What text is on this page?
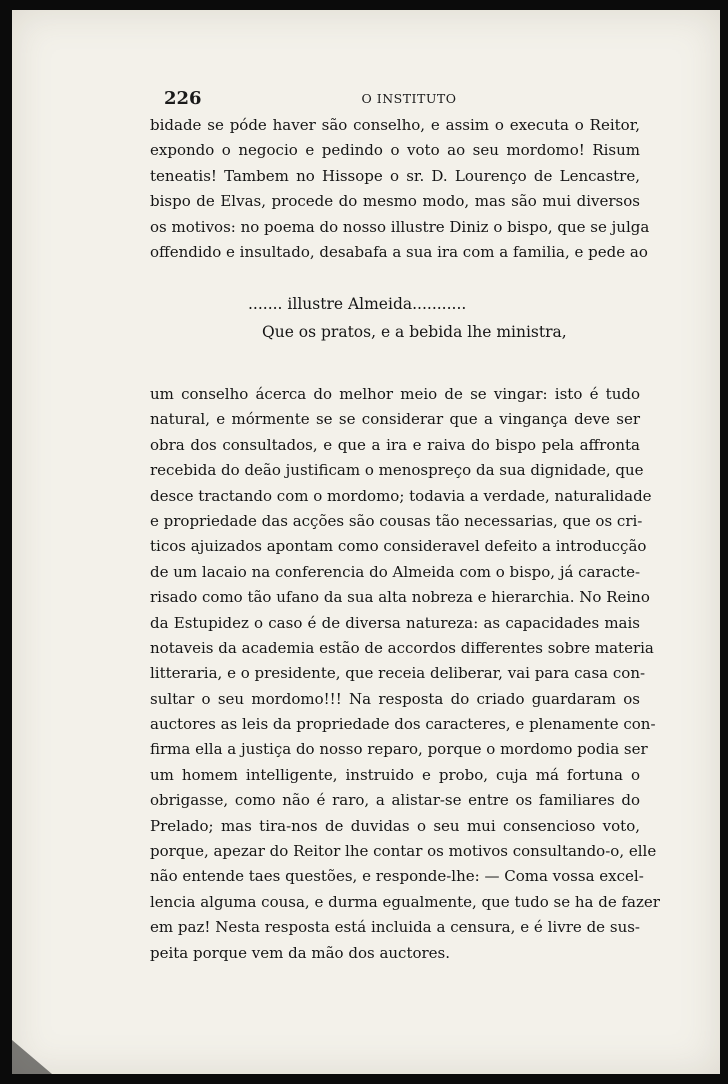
226	O INSTITUTO
bidade se póde haver são conselho, e assim o executa o Reitor,
expondo o negocio e pedindo o voto ao seu mordomo! Risum
teneatis! Tambem no Hissope o sr. D. Lourenço de Lencastre,
bispo de Elvas, procede do mesmo modo, mas são mui diversos
os motivos: no poema do nosso illustre Diniz o bispo, que se julga
offendido e insultado, desabafa a sua ira com a familia, e pede ao
....... illustre Almeida...........
Que os pratos, e a bebida lhe ministra,
um conselho ácerca do melhor meio de se vingar: isto é tudo
natural, e mórmente se se considerar que a vingança deve ser
obra dos consultados, e que a ira e raiva do bispo pela affronta
recebida do deão justificam o menospreço da sua dignidade, que
desce tractando com o mordomo; todavia a verdade, naturalidade
e propriedade das acções são cousas tão necessarias, que os cri-
ticos ajuizados apontam como consideravel defeito a introducção
de um lacaio na conferencia do Almeida com o bispo, já caracte-
risado como tão ufano da sua alta nobreza e hierarchia. No Reino
da Estupidez o caso é de diversa natureza: as capacidades mais
notaveis da academia estão de accordos differentes sobre materia
litteraria, e o presidente, que receia deliberar, vai para casa con-
sultar o seu mordomo!!! Na resposta do criado guardaram os
auctores as leis da propriedade dos caracteres, e plenamente con-
firma ella a justiça do nosso reparo, porque o mordomo podia ser
um homem intelligente, instruido e probo, cuja má fortuna o
obrigasse, como não é raro, a alistar-se entre os familiares do
Prelado; mas tira-nos de duvidas o seu mui consencioso voto,
porque, apezar do Reitor lhe contar os motivos consultando-o, elle
não entende taes questões, e responde-lhe: — Coma vossa excel-
lencia alguma cousa, e durma egualmente, que tudo se ha de fazer
em paz! Nesta resposta está incluida a censura, e é livre de sus-
peita porque vem da mão dos auctores.
